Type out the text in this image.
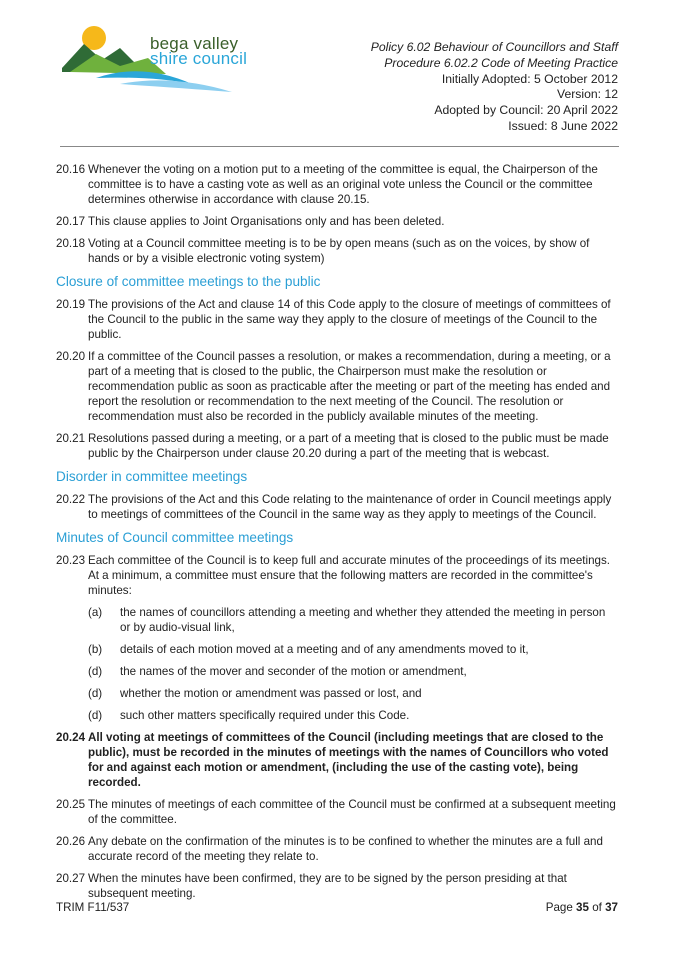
bega valley
shire council
Policy 6.02 Behaviour of Councillors and Staff
Procedure 6.02.2 Code of Meeting Practice
Initially Adopted: 5 October 2012
Version: 12
Adopted by Council: 20 April 2022
Issued: 8 June 2022
20.16 Whenever the voting on a motion put to a meeting of the committee is equal, the Chairperson of the committee is to have a casting vote as well as an original vote unless the Council or the committee determines otherwise in accordance with clause 20.15.
20.17 This clause applies to Joint Organisations only and has been deleted.
20.18 Voting at a Council committee meeting is to be by open means (such as on the voices, by show of hands or by a visible electronic voting system)
Closure of committee meetings to the public
20.19 The provisions of the Act and clause 14 of this Code apply to the closure of meetings of committees of the Council to the public in the same way they apply to the closure of meetings of the Council to the public.
20.20 If a committee of the Council passes a resolution, or makes a recommendation, during a meeting, or a part of a meeting that is closed to the public, the Chairperson must make the resolution or recommendation public as soon as practicable after the meeting or part of the meeting has ended and report the resolution or recommendation to the next meeting of the Council. The resolution or recommendation must also be recorded in the publicly available minutes of the meeting.
20.21 Resolutions passed during a meeting, or a part of a meeting that is closed to the public must be made public by the Chairperson under clause 20.20 during a part of the meeting that is webcast.
Disorder in committee meetings
20.22 The provisions of the Act and this Code relating to the maintenance of order in Council meetings apply to meetings of committees of the Council in the same way as they apply to meetings of the Council.
Minutes of Council committee meetings
20.23 Each committee of the Council is to keep full and accurate minutes of the proceedings of its meetings. At a minimum, a committee must ensure that the following matters are recorded in the committee's minutes:
(a)	the names of councillors attending a meeting and whether they attended the meeting in person or by audio-visual link,
(b)	details of each motion moved at a meeting and of any amendments moved to it,
(d)	the names of the mover and seconder of the motion or amendment,
(d)	whether the motion or amendment was passed or lost, and
(d)	such other matters specifically required under this Code.
20.24 All voting at meetings of committees of the Council (including meetings that are closed to the public), must be recorded in the minutes of meetings with the names of Councillors who voted for and against each motion or amendment, (including the use of the casting vote), being recorded.
20.25 The minutes of meetings of each committee of the Council must be confirmed at a subsequent meeting of the committee.
20.26 Any debate on the confirmation of the minutes is to be confined to whether the minutes are a full and accurate record of the meeting they relate to.
20.27 When the minutes have been confirmed, they are to be signed by the person presiding at that subsequent meeting.
TRIM F11/537	Page 35 of 37
